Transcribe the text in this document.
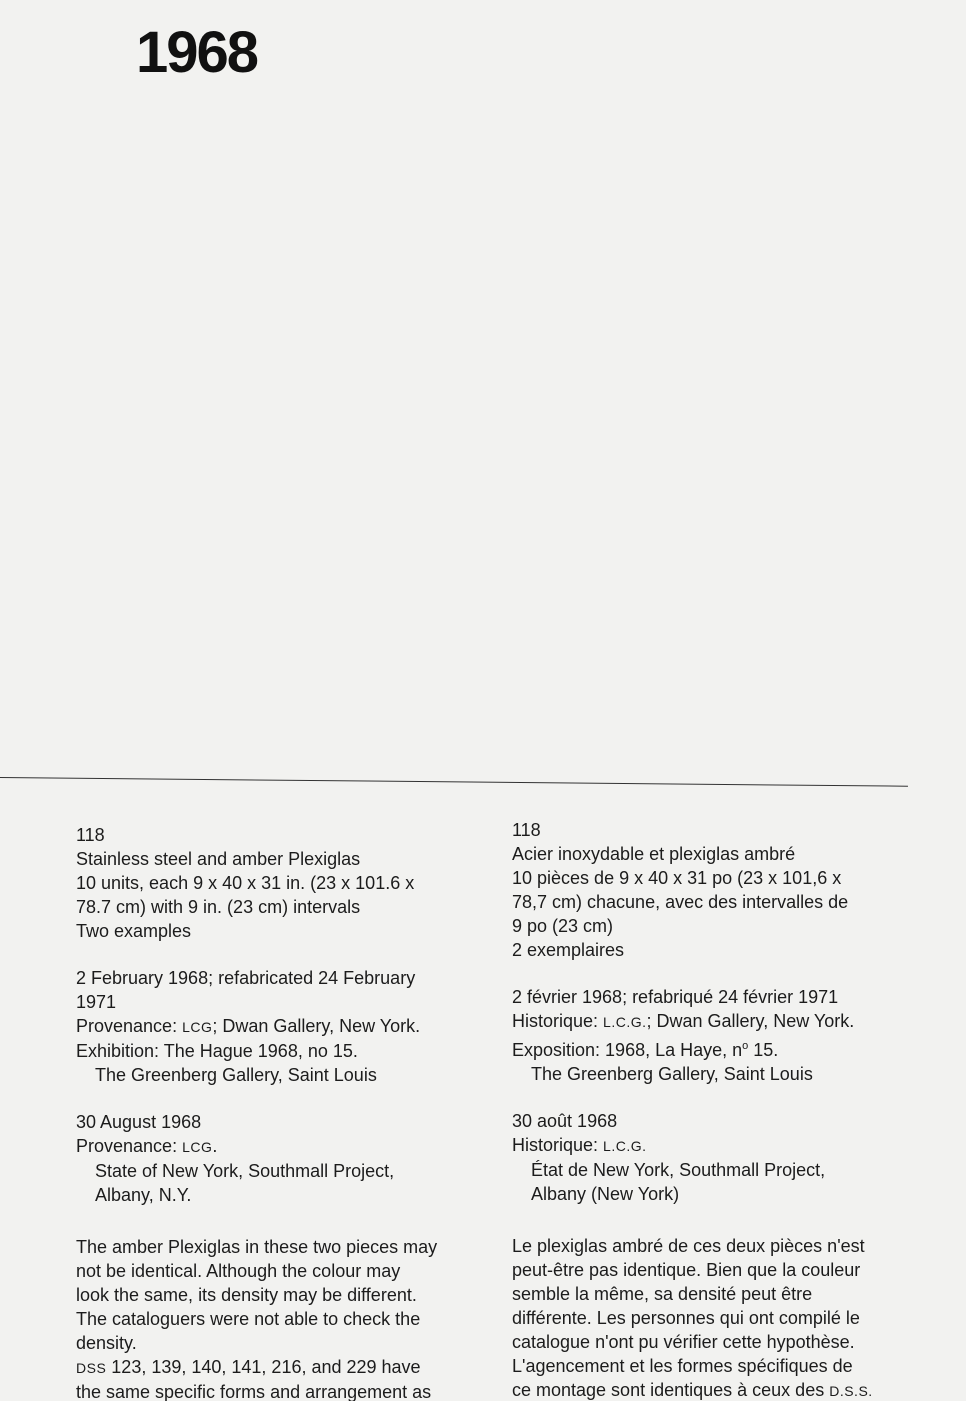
1968
118
Stainless steel and amber Plexiglas
10 units, each 9 x 40 x 31 in. (23 x 101.6 x
78.7 cm) with 9 in. (23 cm) intervals
Two examples
2 February 1968; refabricated 24 February
1971
Provenance: LCG; Dwan Gallery, New York.
Exhibition: The Hague 1968, no 15.
The Greenberg Gallery, Saint Louis
30 August 1968
Provenance: LCG.
State of New York, Southmall Project,
Albany, N.Y.
The amber Plexiglas in these two pieces may
not be identical. Although the colour may
look the same, its density may be different.
The cataloguers were not able to check the
density.
DSS 123, 139, 140, 141, 216, and 229 have
the same specific forms and arrangement as
118
Acier inoxydable et plexiglas ambré
10 pièces de 9 x 40 x 31 po (23 x 101,6 x
78,7 cm) chacune, avec des intervalles de
9 po (23 cm)
2 exemplaires
2 février 1968; refabriqué 24 février 1971
Historique: L.C.G.; Dwan Gallery, New York.
Exposition: 1968, La Haye, $n^o$ 15.
The Greenberg Gallery, Saint Louis
30 août 1968
Historique: L.C.G.
État de New York, Southmall Project,
Albany (New York)
Le plexiglas ambré de ces deux pièces n'est
peut-être pas identique. Bien que la couleur
semble la même, sa densité peut être
différente. Les personnes qui ont compilé le
catalogue n'ont pu vérifier cette hypothèse.
L'agencement et les formes spécifiques de
ce montage sont identiques à ceux des D.S.S.
